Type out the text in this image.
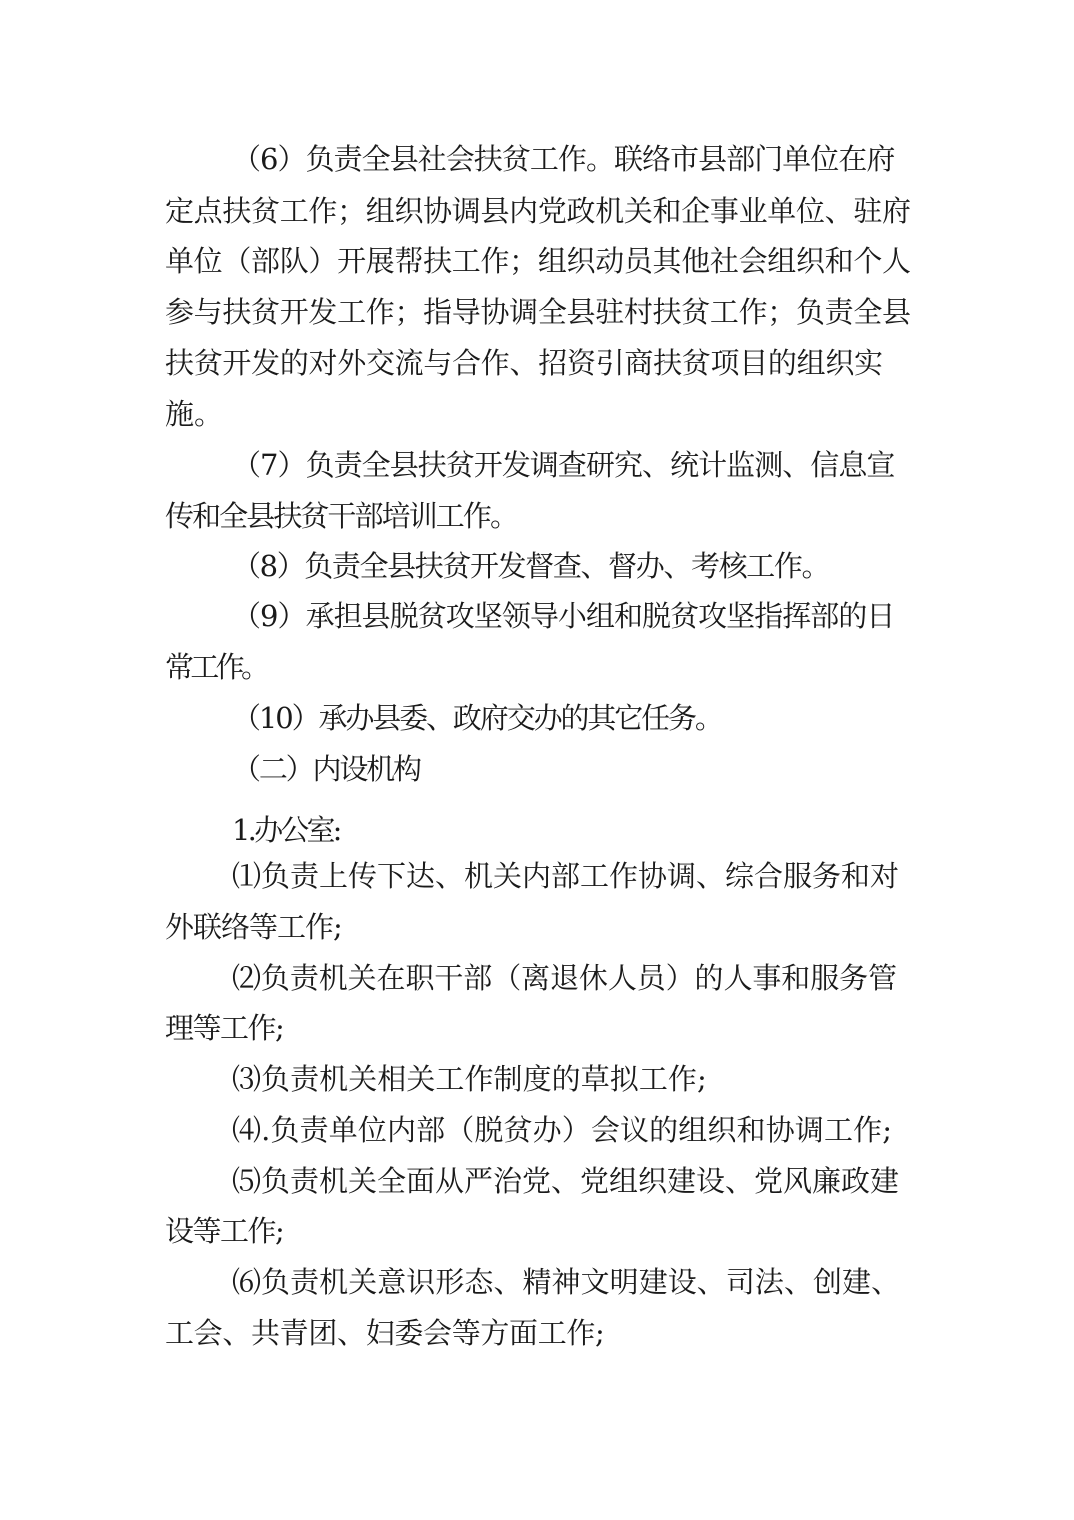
（6）负责全县社会扶贫工作。联络市县部门单位在府
定点扶贫工作；组织协调县内党政机关和企事业单位、驻府
单位（部队）开展帮扶工作；组织动员其他社会组织和个人
参与扶贫开发工作；指导协调全县驻村扶贫工作；负责全县
扶贫开发的对外交流与合作、招资引商扶贫项目的组织实
施。
（7）负责全县扶贫开发调查研究、统计监测、信息宣
传和全县扶贫干部培训工作。
（8）负责全县扶贫开发督查、督办、考核工作。
（9）承担县脱贫攻坚领导小组和脱贫攻坚指挥部的日
常工作。
（10）承办县委、政府交办的其它任务。
（二）内设机构
1.办公室:
⑴负责上传下达、机关内部工作协调、综合服务和对
外联络等工作;
⑵负责机关在职干部（离退休人员）的人事和服务管
理等工作;
⑶负责机关相关工作制度的草拟工作;
⑷.负责单位内部（脱贫办）会议的组织和协调工作;
⑸负责机关全面从严治党、党组织建设、党风廉政建
设等工作;
⑹负责机关意识形态、精神文明建设、司法、创建、
工会、共青团、妇委会等方面工作;
